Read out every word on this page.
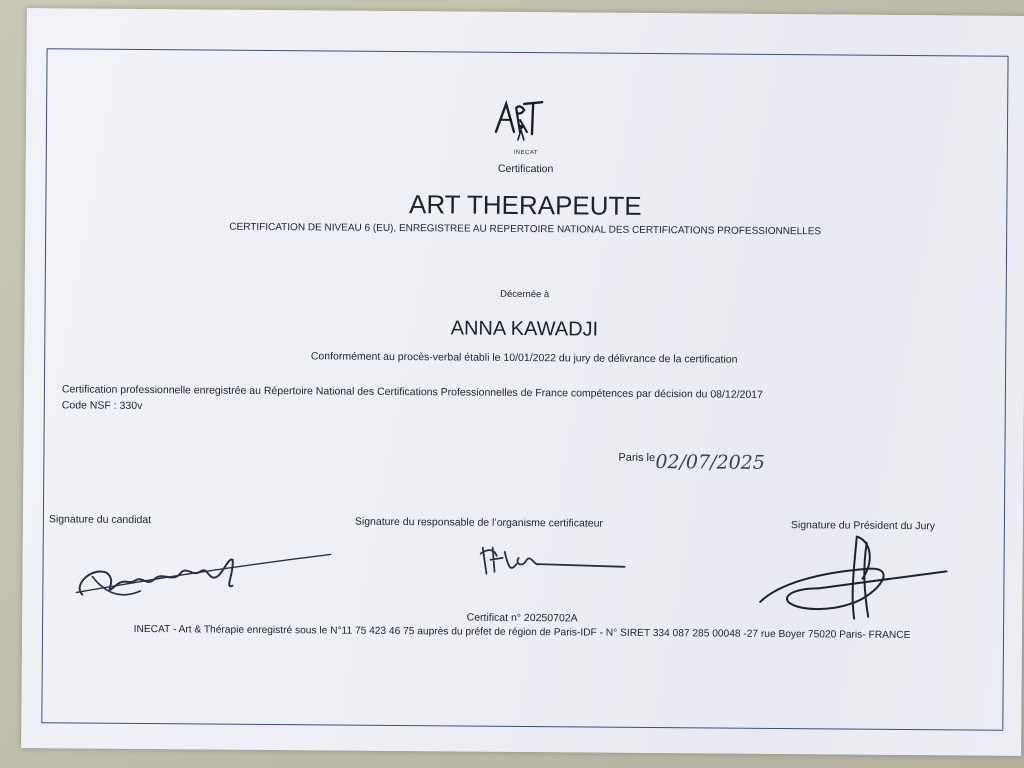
INECAT
Certification
ART THERAPEUTE
CERTIFICATION DE NIVEAU 6 (EU), ENREGISTREE AU REPERTOIRE NATIONAL DES CERTIFICATIONS PROFESSIONNELLES
Décernée à
ANNA KAWADJI
Conformément au procès-verbal établi le 10/01/2022 du jury de délivrance de la certification
Certification professionnelle enregistrée au Répertoire National des Certifications Professionnelles de France compétences par décision du 08/12/2017
Code NSF : 330v
Paris le 02/07/2025
Signature du candidat	Signature du responsable de l’organisme certificateur	Signature du Président du Jury
Certificat n° 20250702A
INECAT - Art & Thérapie enregistré sous le N°11 75 423 46 75 auprès du préfet de région de Paris-IDF - N° SIRET 334 087 285 00048 -27 rue Boyer 75020 Paris- FRANCE
